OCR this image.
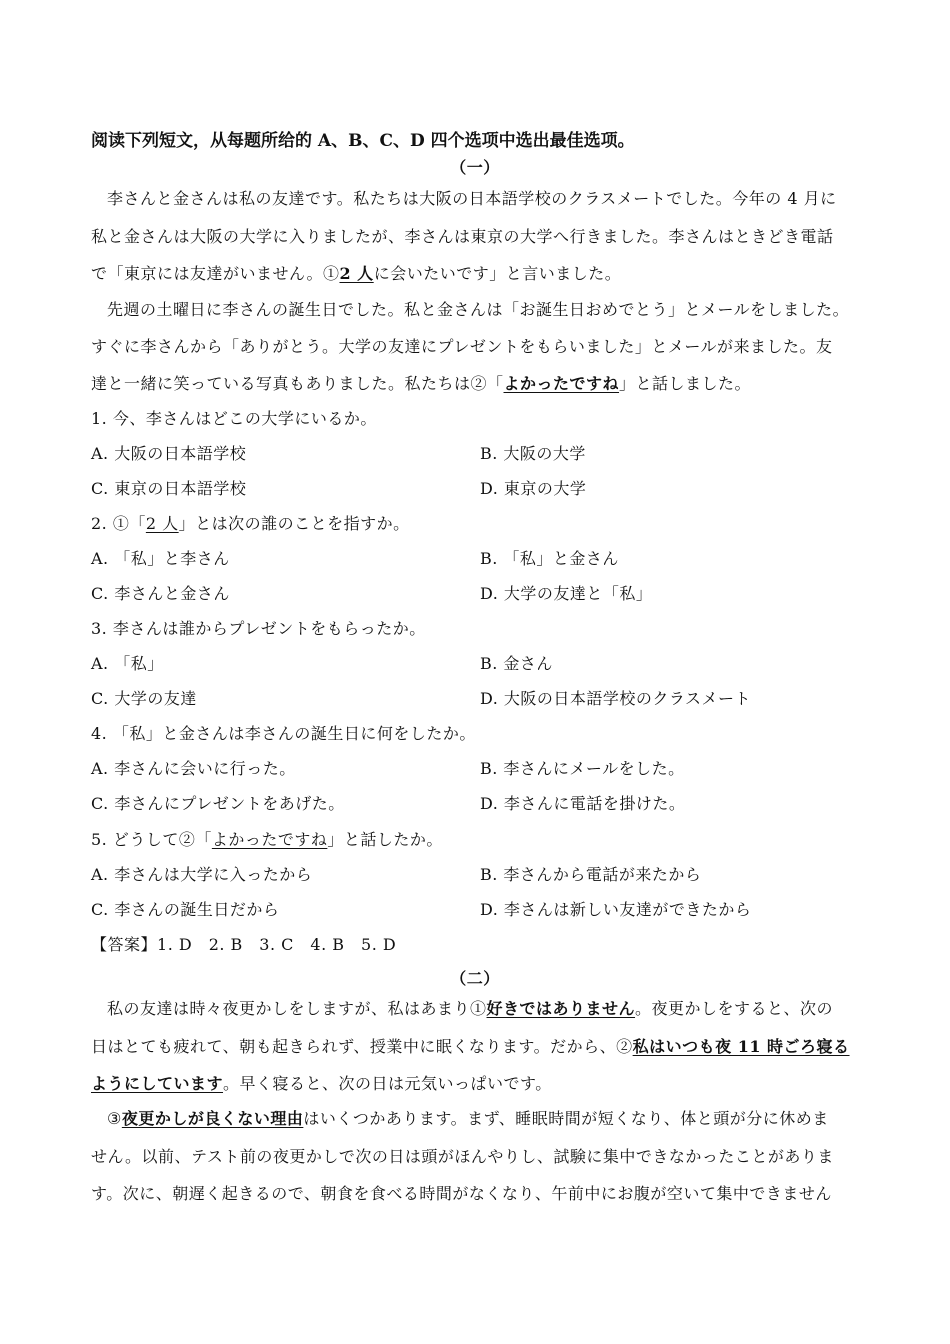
阅读下列短文，从每题所给的 A、B、C、D 四个选项中选出最佳选项。
（一）
李さんと金さんは私の友達です。私たちは大阪の日本語学校のクラスメートでした。今年の 4 月に
私と金さんは大阪の大学に入りましたが、李さんは東京の大学へ行きました。李さんはときどき電話
で「東京には友達がいません。①2 人に会いたいです」と言いました。
先週の土曜日に李さんの誕生日でした。私と金さんは「お誕生日おめでとう」とメールをしました。
すぐに李さんから「ありがとう。大学の友達にプレゼントをもらいました」とメールが来ました。友
達と一緒に笑っている写真もありました。私たちは②「よかったですね」と話しました。
1. 今、李さんはどこの大学にいるか。
A. 大阪の日本語学校	B. 大阪の大学
C. 東京の日本語学校	D. 東京の大学
2. ①「2 人」とは次の誰のことを指すか。
A. 「私」と李さん	B. 「私」と金さん
C. 李さんと金さん	D. 大学の友達と「私」
3. 李さんは誰からプレゼントをもらったか。
A. 「私」	B. 金さん
C. 大学の友達	D. 大阪の日本語学校のクラスメート
4. 「私」と金さんは李さんの誕生日に何をしたか。
A. 李さんに会いに行った。	B. 李さんにメールをした。
C. 李さんにプレゼントをあげた。	D. 李さんに電話を掛けた。
5. どうして②「よかったですね」と話したか。
A. 李さんは大学に入ったから	B. 李さんから電話が来たから
C. 李さんの誕生日だから	D. 李さんは新しい友達ができたから
【答案】1. D　2. B　3. C　4. B　5. D
（二）
私の友達は時々夜更かしをしますが、私はあまり①好きではありません。夜更かしをすると、次の
日はとても疲れて、朝も起きられず、授業中に眠くなります。だから、②私はいつも夜 11 時ごろ寝る
ようにしています。早く寝ると、次の日は元気いっぱいです。
③夜更かしが良くない理由はいくつかあります。まず、睡眠時間が短くなり、体と頭が分に休めま
せん。以前、テスト前の夜更かしで次の日は頭がほんやりし、試験に集中できなかったことがありま
す。次に、朝遅く起きるので、朝食を食べる時間がなくなり、午前中にお腹が空いて集中できません
